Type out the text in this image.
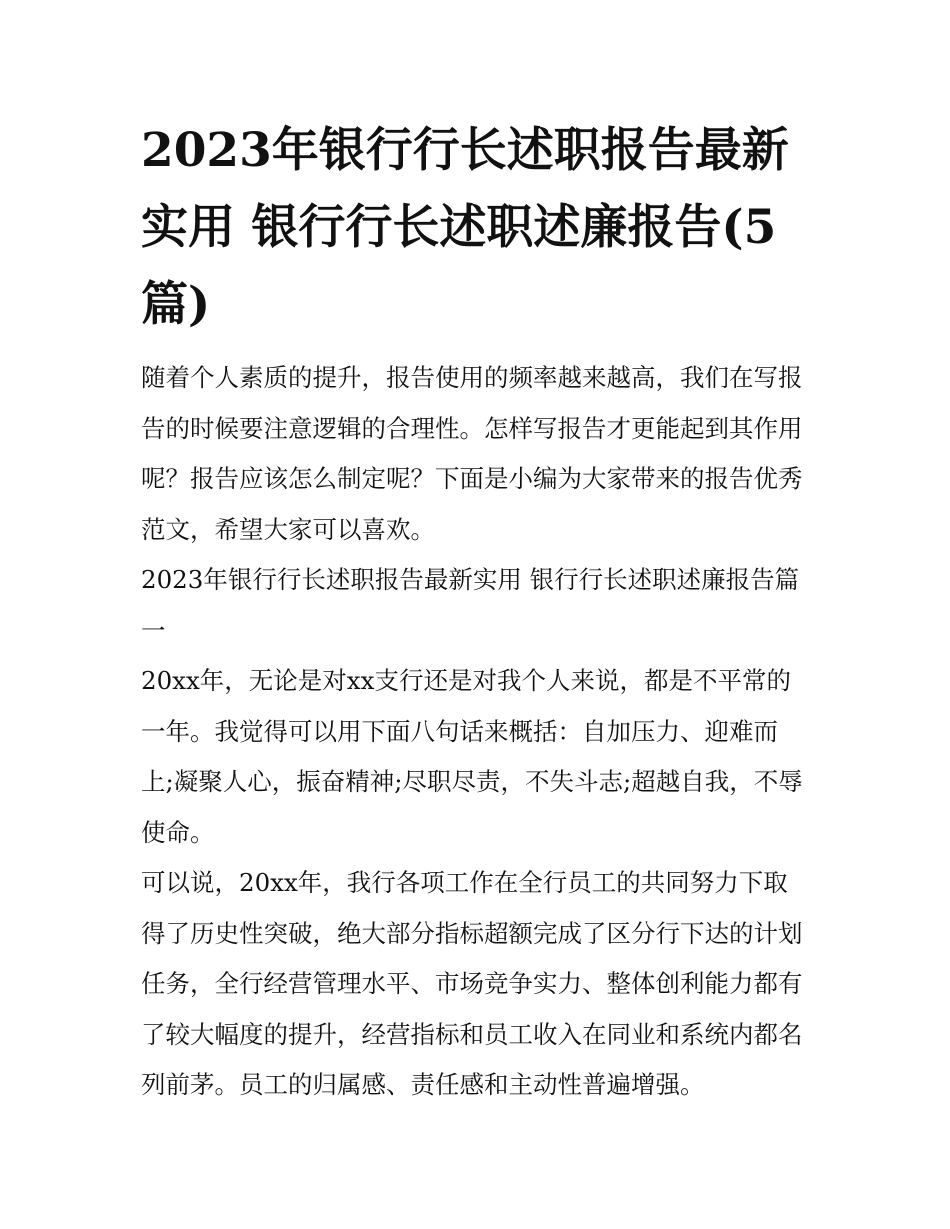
2023年银行行长述职报告最新
实用 银行行长述职述廉报告(5
篇)
随着个人素质的提升，报告使用的频率越来越高，我们在写报
告的时候要注意逻辑的合理性。怎样写报告才更能起到其作用
呢？报告应该怎么制定呢？下面是小编为大家带来的报告优秀
范文，希望大家可以喜欢。
2023年银行行长述职报告最新实用 银行行长述职述廉报告篇
一
20xx年，无论是对xx支行还是对我个人来说，都是不平常的
一年。我觉得可以用下面八句话来概括：自加压力、迎难而
上;凝聚人心，振奋精神;尽职尽责，不失斗志;超越自我，不辱
使命。
可以说，20xx年，我行各项工作在全行员工的共同努力下取
得了历史性突破，绝大部分指标超额完成了区分行下达的计划
任务，全行经营管理水平、市场竞争实力、整体创利能力都有
了较大幅度的提升，经营指标和员工收入在同业和系统内都名
列前茅。员工的归属感、责任感和主动性普遍增强。
